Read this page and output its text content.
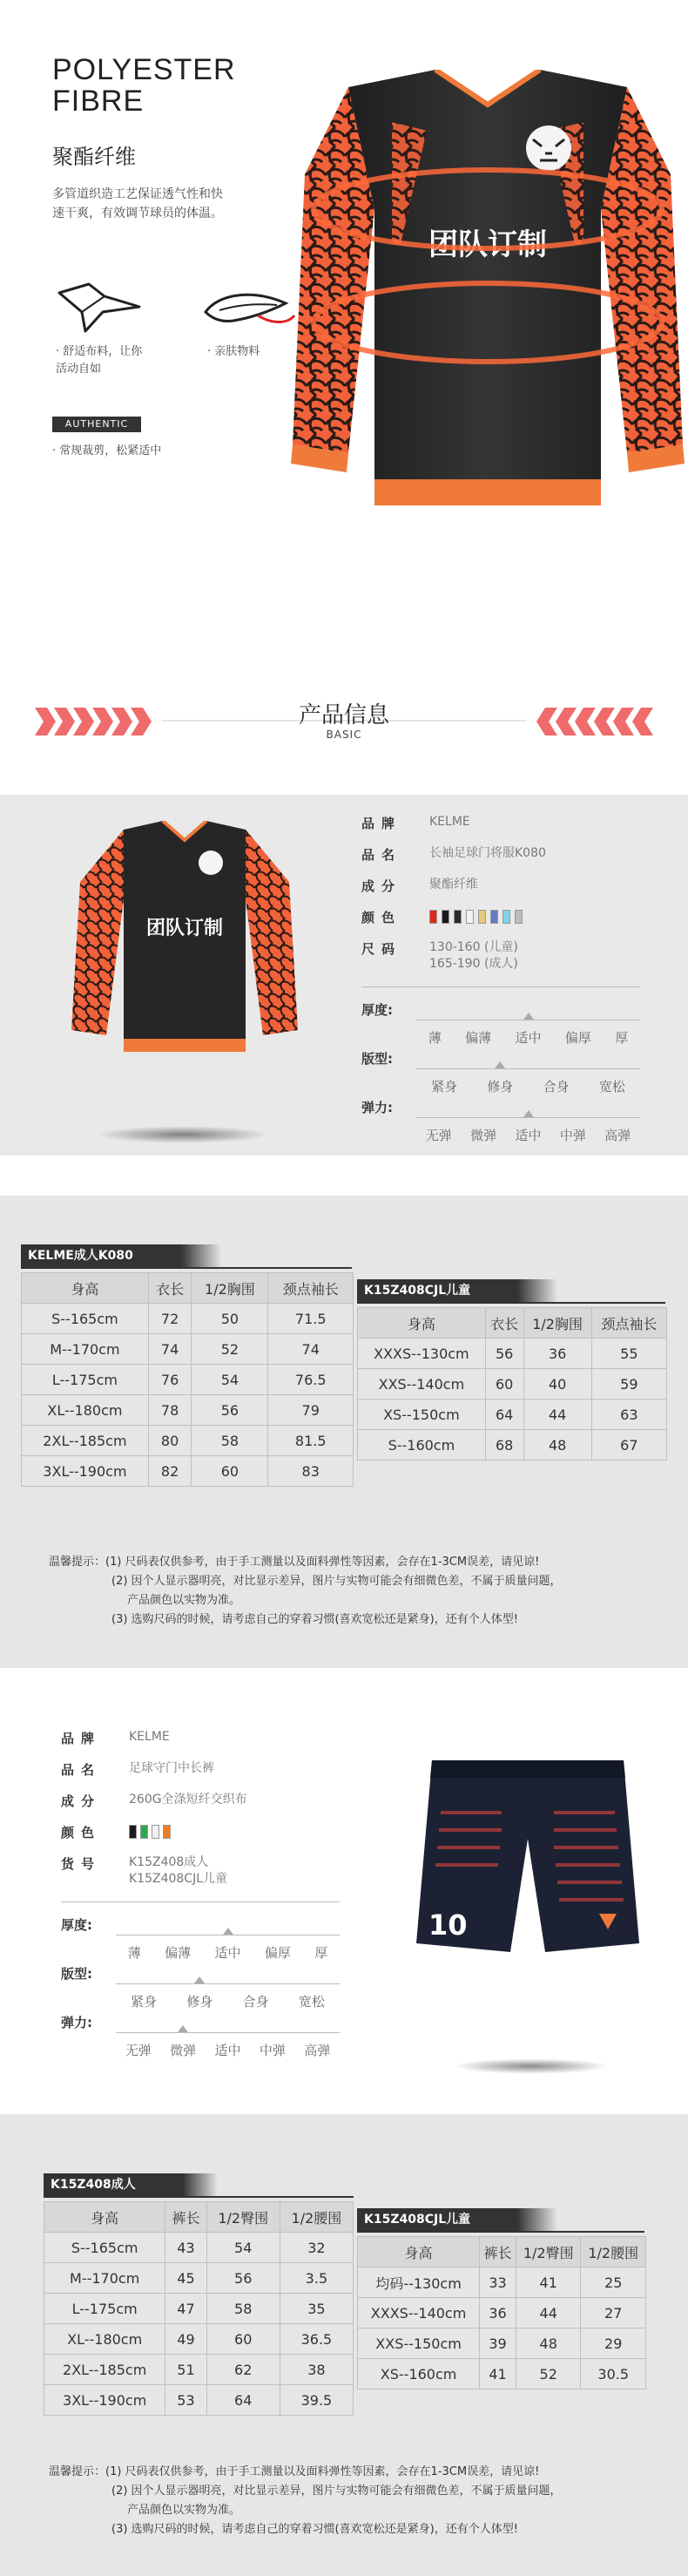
POLYESTER
FIBRE
聚酯纤维
多管道织造工艺保证透气性和快速干爽，有效调节球员的体温。
· 舒适布料，让你
活动自如
· 亲肤物料
AUTHENTIC
· 常规裁剪，松紧适中
团队订制
产品信息
BASIC
团队订制
品牌	KELME
品名	长袖足球门将服K080
成分	聚酯纤维
颜色
尺码	130-160 (儿童)
165-190 (成人)
厚度:
薄 偏薄 适中 偏厚 厚
版型:
紧身 修身 合身 宽松
弹力:
无弹 微弹 适中 中弹 高弹
KELME成人K080
身高	衣长	1/2胸围	颈点袖长
S--165cm	72	50	71.5
M--170cm	74	52	74
L--175cm	76	54	76.5
XL--180cm	78	56	79
2XL--185cm	80	58	81.5
3XL--190cm	82	60	83
K15Z408CJL儿童
身高	衣长	1/2胸围	颈点袖长
XXXS--130cm	56	36	55
XXS--140cm	60	40	59
XS--150cm	64	44	63
S--160cm	68	48	67
温馨提示：(1) 尺码表仅供参考，由于手工测量以及面料弹性等因素，会存在1-3CM误差，请见谅!
(2) 因个人显示器明亮，对比显示差异，图片与实物可能会有细微色差，不属于质量问题，
产品颜色以实物为准。
(3) 选购尺码的时候，请考虑自己的穿着习惯(喜欢宽松还是紧身)，还有个人体型!
品牌	KELME
品名	足球守门中长裤
成分	260G全涤短纤交织布
颜色
货号	K15Z408成人
K15Z408CJL儿童
厚度:
薄 偏薄 适中 偏厚 厚
版型:
紧身 修身 合身 宽松
弹力:
无弹 微弹 适中 中弹 高弹
10
K15Z408成人
身高	裤长	1/2臀围	1/2腰围
S--165cm	43	54	32
M--170cm	45	56	3.5
L--175cm	47	58	35
XL--180cm	49	60	36.5
2XL--185cm	51	62	38
3XL--190cm	53	64	39.5
K15Z408CJL儿童
身高	裤长	1/2臀围	1/2腰围
均码--130cm	33	41	25
XXXS--140cm	36	44	27
XXS--150cm	39	48	29
XS--160cm	41	52	30.5
温馨提示：(1) 尺码表仅供参考，由于手工测量以及面料弹性等因素，会存在1-3CM误差，请见谅!
(2) 因个人显示器明亮，对比显示差异，图片与实物可能会有细微色差，不属于质量问题，
产品颜色以实物为准。
(3) 选购尺码的时候，请考虑自己的穿着习惯(喜欢宽松还是紧身)，还有个人体型!
